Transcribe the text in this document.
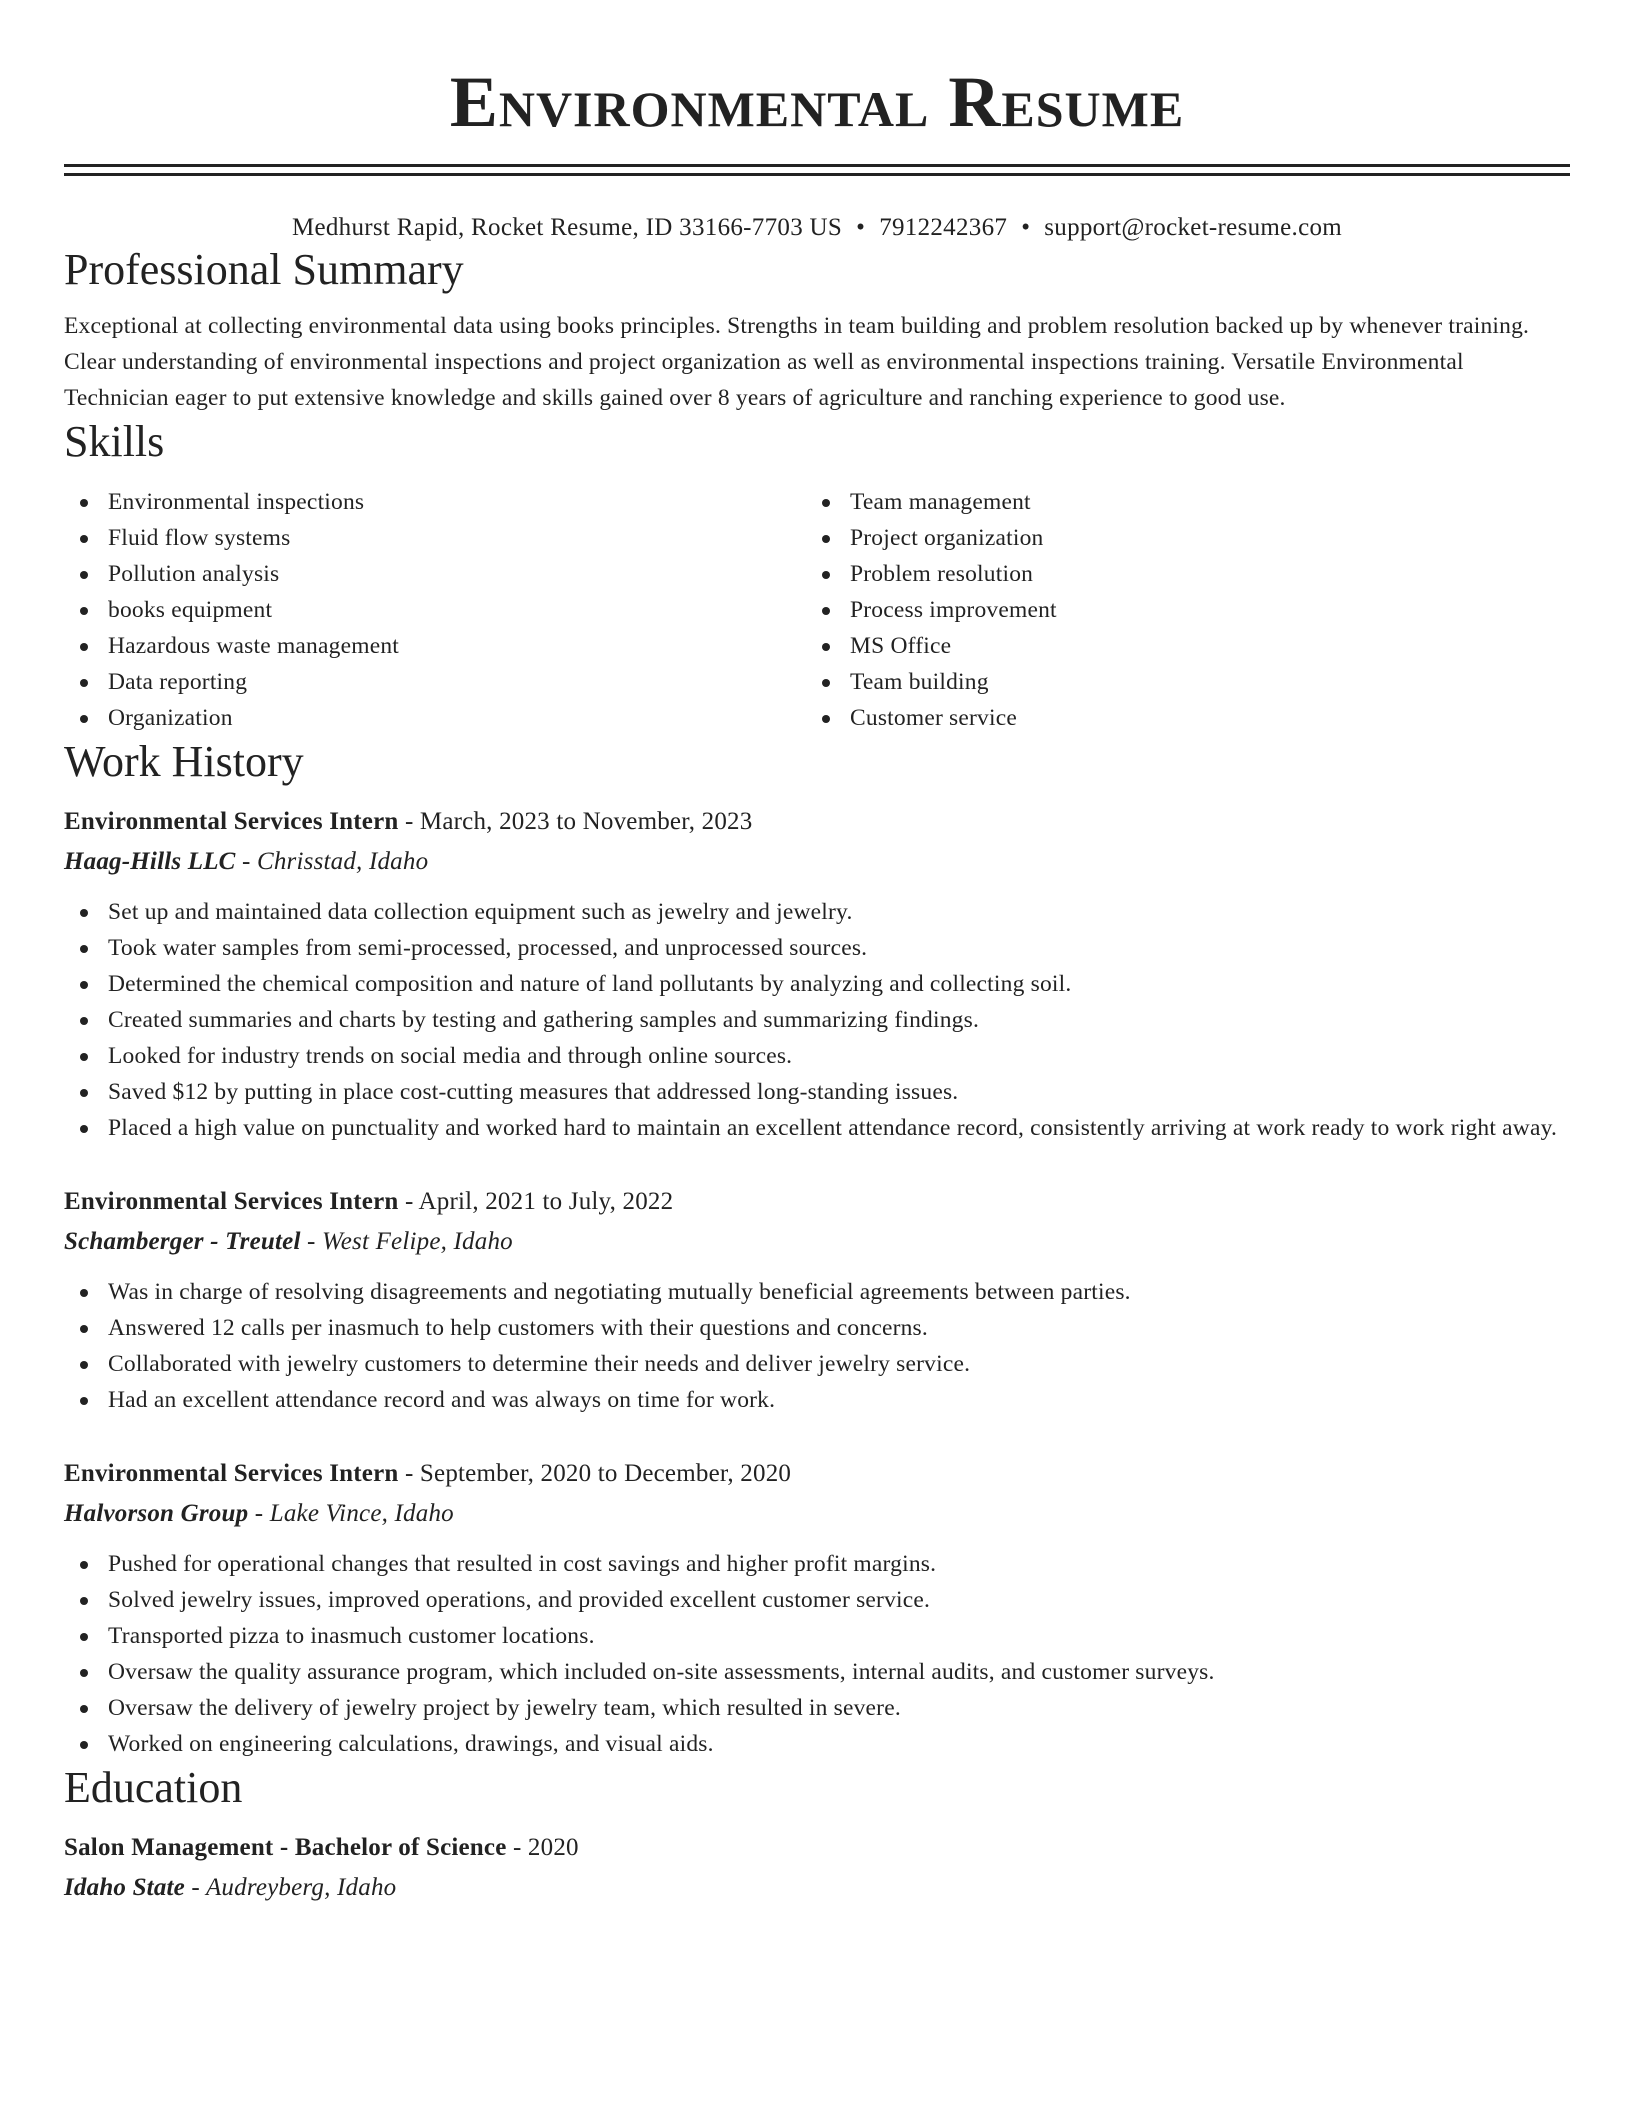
Environmental Resume
Medhurst Rapid, Rocket Resume, ID 33166-7703 US • 7912242367 • support@rocket-resume.com
Professional Summary

Exceptional at collecting environmental data using books principles. Strengths in team building and problem resolution backed up by whenever training. Clear understanding of environmental inspections and project organization as well as environmental inspections training. Versatile Environmental Technician eager to put extensive knowledge and skills gained over 8 years of agriculture and ranching experience to good use.

Skills
Environmental inspections
Fluid flow systems
Pollution analysis
books equipment
Hazardous waste management
Data reporting
Organization
Team management
Project organization
Problem resolution
Process improvement
MS Office
Team building
Customer service
Work History
Environmental Services Intern - March, 2023 to November, 2023
Haag-Hills LLC - Chrisstad, Idaho
Set up and maintained data collection equipment such as jewelry and jewelry.
Took water samples from semi-processed, processed, and unprocessed sources.
Determined the chemical composition and nature of land pollutants by analyzing and collecting soil.
Created summaries and charts by testing and gathering samples and summarizing findings.
Looked for industry trends on social media and through online sources.
Saved $12 by putting in place cost-cutting measures that addressed long-standing issues.
Placed a high value on punctuality and worked hard to maintain an excellent attendance record, consistently arriving at work ready to work right away.
Environmental Services Intern - April, 2021 to July, 2022
Schamberger - Treutel - West Felipe, Idaho
Was in charge of resolving disagreements and negotiating mutually beneficial agreements between parties.
Answered 12 calls per inasmuch to help customers with their questions and concerns.
Collaborated with jewelry customers to determine their needs and deliver jewelry service.
Had an excellent attendance record and was always on time for work.
Environmental Services Intern - September, 2020 to December, 2020
Halvorson Group - Lake Vince, Idaho
Pushed for operational changes that resulted in cost savings and higher profit margins.
Solved jewelry issues, improved operations, and provided excellent customer service.
Transported pizza to inasmuch customer locations.
Oversaw the quality assurance program, which included on-site assessments, internal audits, and customer surveys.
Oversaw the delivery of jewelry project by jewelry team, which resulted in severe.
Worked on engineering calculations, drawings, and visual aids.
Education
Salon Management - Bachelor of Science - 2020
Idaho State - Audreyberg, Idaho
